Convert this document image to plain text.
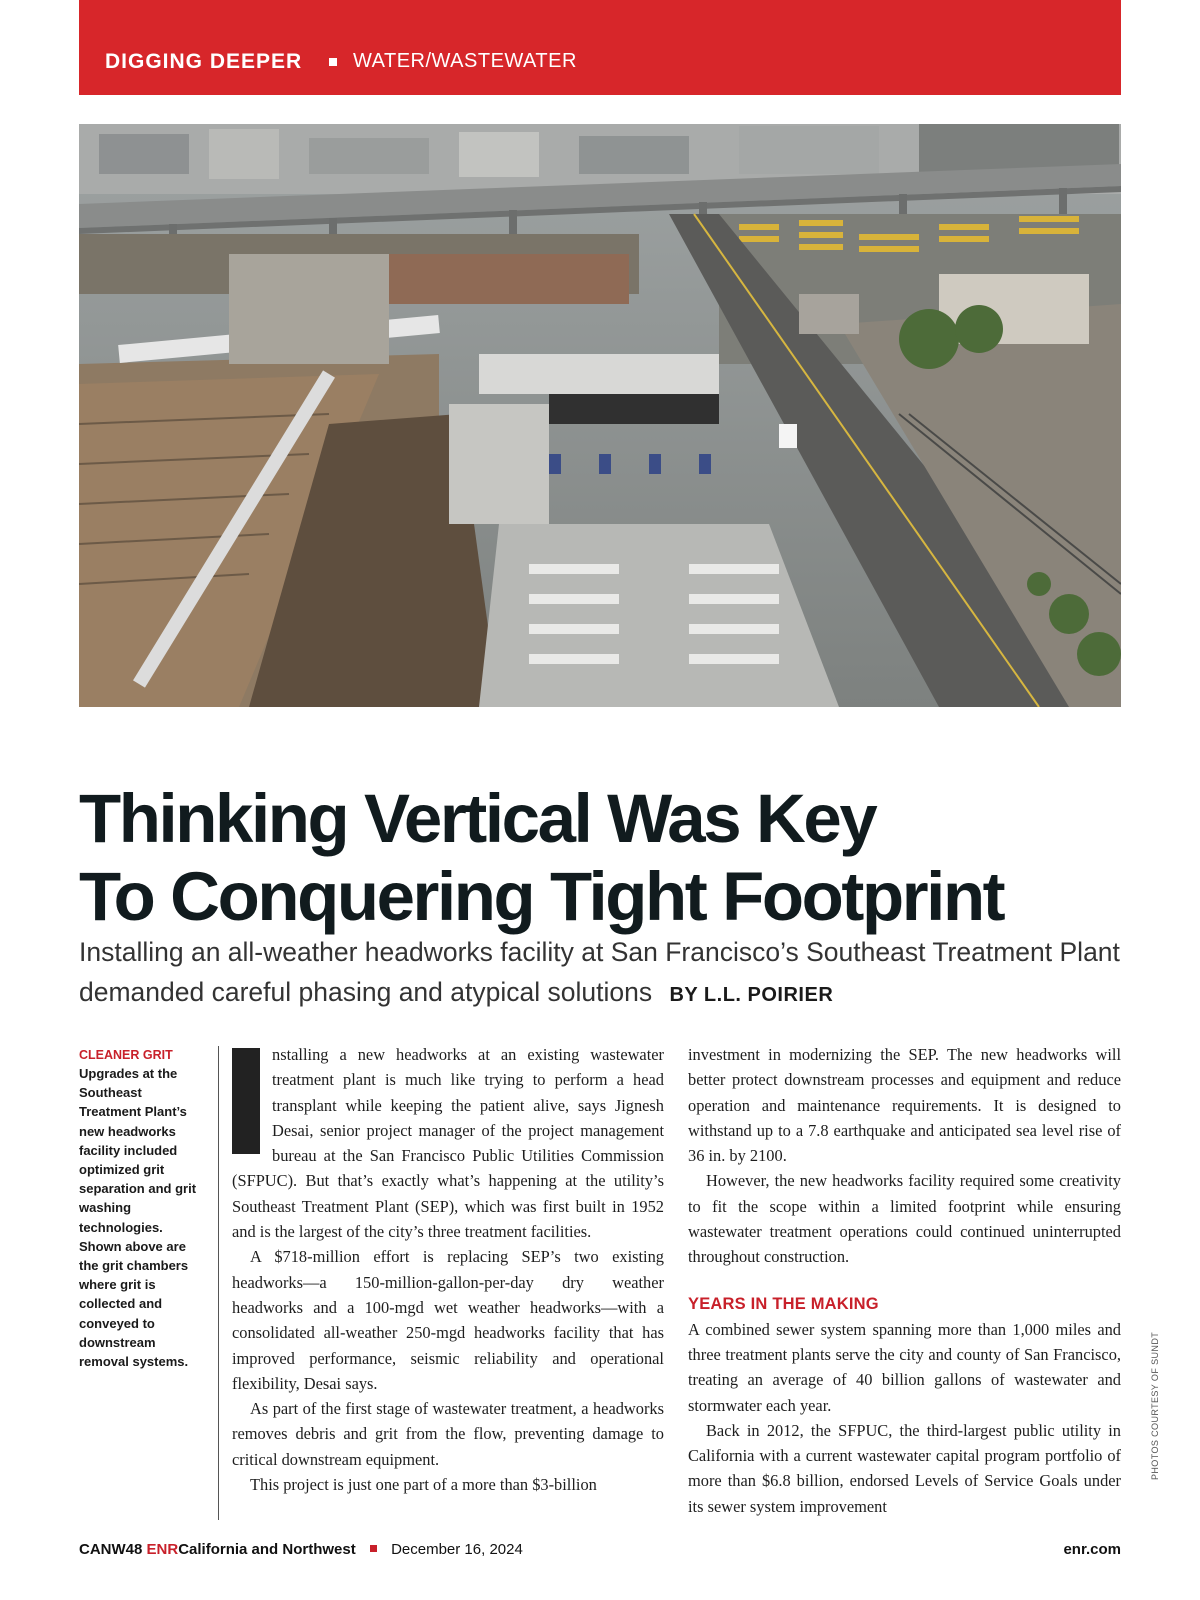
DIGGING DEEPER	WATER/WASTEWATER
Thinking Vertical Was Key
To Conquering Tight Footprint

Installing an all-weather headworks facility at San Francisco’s Southeast Treatment Plant demanded careful phasing and atypical solutions BY L.L. POIRIER

CLEANER GRIT
Upgrades at the Southeast Treatment Plant’s new headworks facility included optimized grit separation and grit washing technologies. Shown above are the grit chambers where grit is collected and conveyed to downstream removal systems.

nstalling a new headworks at an existing wastewater treatment plant is much like trying to perform a head transplant while keeping the patient alive, says Jignesh Desai, senior project manager of the project management bureau at the San Francisco Public Utilities Commission (SFPUC). But that’s exactly what’s happening at the utility’s Southeast Treatment Plant (SEP), which was first built in 1952 and is the largest of the city’s three treatment facilities.

A $718-million effort is replacing SEP’s two existing headworks—a 150-million-gallon-per-day dry weather headworks and a 100-mgd wet weather headworks—with a consolidated all-weather 250-mgd headworks facility that has improved performance, seismic reliability and operational flexibility, Desai says.

As part of the first stage of wastewater treatment, a headworks removes debris and grit from the flow, preventing damage to critical downstream equipment.

This project is just one part of a more than $3-billion

investment in modernizing the SEP. The new headworks will better protect downstream processes and equipment and reduce operation and maintenance requirements. It is designed to withstand up to a 7.8 earthquake and anticipated sea level rise of 36 in. by 2100.

However, the new headworks facility required some creativity to fit the scope within a limited footprint while ensuring wastewater treatment operations could continued uninterrupted throughout construction.

YEARS IN THE MAKING

A combined sewer system spanning more than 1,000 miles and three treatment plants serve the city and county of San Francisco, treating an average of 40 billion gallons of wastewater and stormwater each year.

Back in 2012, the SFPUC, the third-largest public utility in California with a current wastewater capital program portfolio of more than $6.8 billion, endorsed Levels of Service Goals under its sewer system improvement

PHOTOS COURTESY OF SUNDT
CANW48 ENRCalifornia and Northwest December 16, 2024	enr.com
